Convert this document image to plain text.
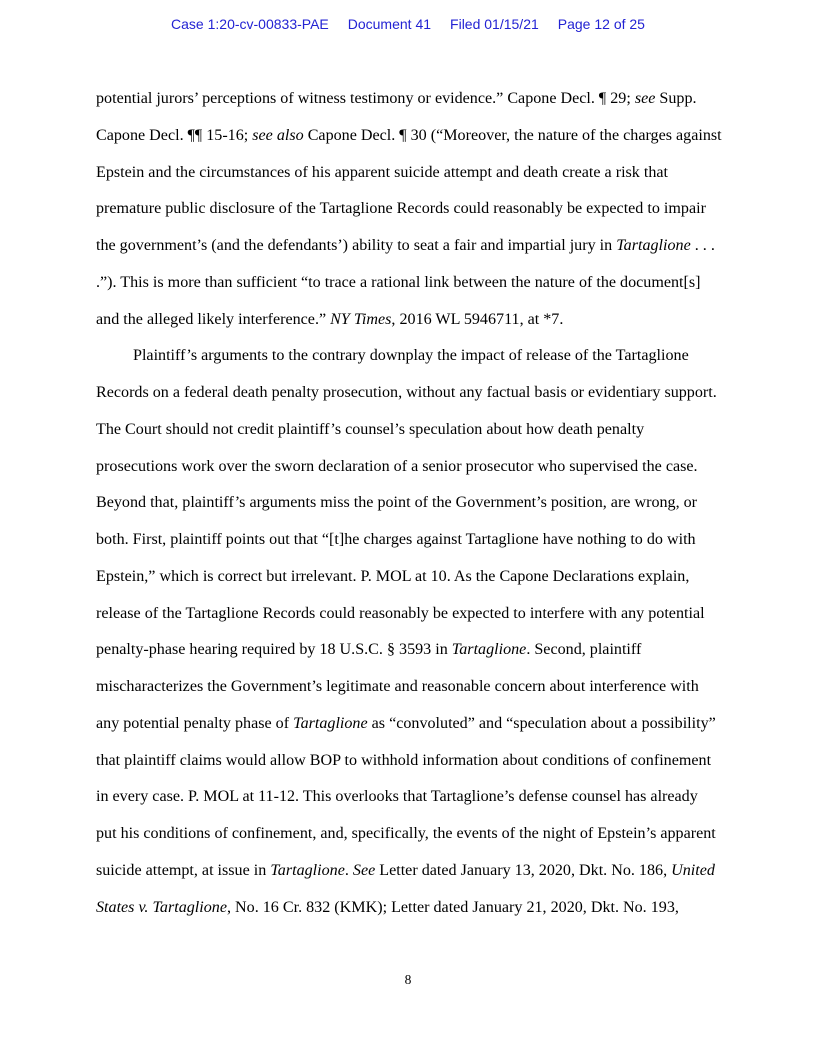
Case 1:20-cv-00833-PAE Document 41 Filed 01/15/21 Page 12 of 25

potential jurors’ perceptions of witness testimony or evidence.” Capone Decl. ¶ 29; see Supp. Capone Decl. ¶¶ 15-16; see also Capone Decl. ¶ 30 (“Moreover, the nature of the charges against Epstein and the circumstances of his apparent suicide attempt and death create a risk that premature public disclosure of the Tartaglione Records could reasonably be expected to impair the government’s (and the defendants’) ability to seat a fair and impartial jury in Tartaglione . . . .”). This is more than sufficient “to trace a rational link between the nature of the document[s] and the alleged likely interference.” NY Times, 2016 WL 5946711, at *7.

Plaintiff’s arguments to the contrary downplay the impact of release of the Tartaglione Records on a federal death penalty prosecution, without any factual basis or evidentiary support. The Court should not credit plaintiff’s counsel’s speculation about how death penalty prosecutions work over the sworn declaration of a senior prosecutor who supervised the case. Beyond that, plaintiff’s arguments miss the point of the Government’s position, are wrong, or both. First, plaintiff points out that “[t]he charges against Tartaglione have nothing to do with Epstein,” which is correct but irrelevant. P. MOL at 10. As the Capone Declarations explain, release of the Tartaglione Records could reasonably be expected to interfere with any potential penalty-phase hearing required by 18 U.S.C. § 3593 in Tartaglione. Second, plaintiff mischaracterizes the Government’s legitimate and reasonable concern about interference with any potential penalty phase of Tartaglione as “convoluted” and “speculation about a possibility” that plaintiff claims would allow BOP to withhold information about conditions of confinement in every case. P. MOL at 11-12. This overlooks that Tartaglione’s defense counsel has already put his conditions of confinement, and, specifically, the events of the night of Epstein’s apparent suicide attempt, at issue in Tartaglione. See Letter dated January 13, 2020, Dkt. No. 186, United States v. Tartaglione, No. 16 Cr. 832 (KMK); Letter dated January 21, 2020, Dkt. No. 193,

8
